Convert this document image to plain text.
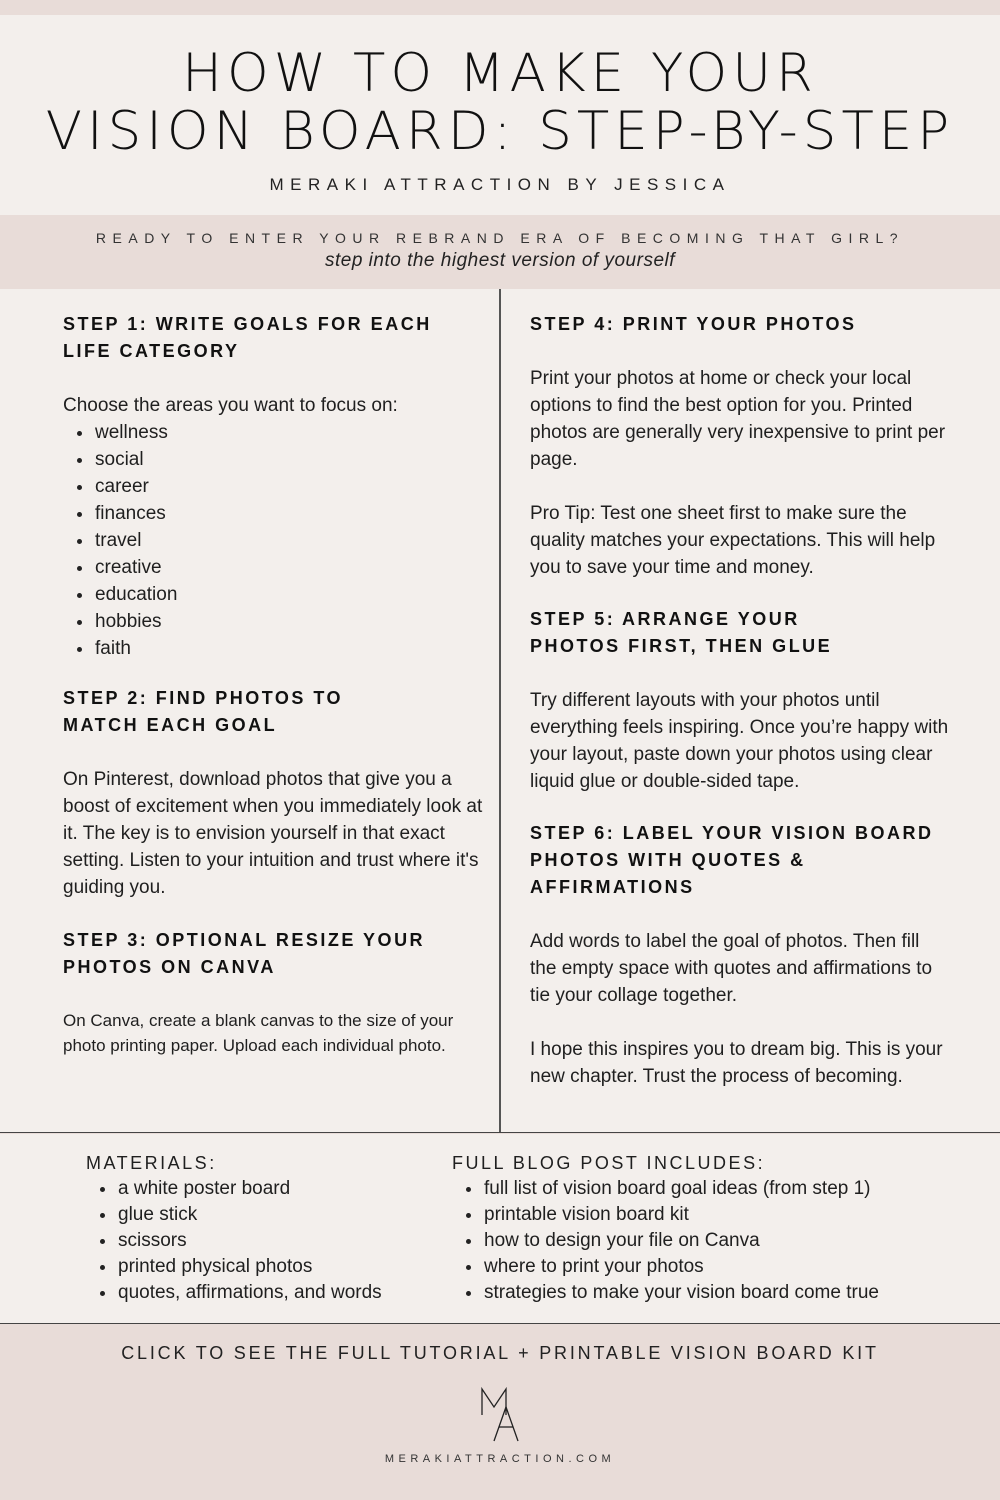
HOW TO MAKE YOUR
VISION BOARD: STEP-BY-STEP
MERAKI ATTRACTION BY JESSICA
READY TO ENTER YOUR REBRAND ERA OF BECOMING THAT GIRL?
step into the highest version of yourself
STEP 1: WRITE GOALS FOR EACH
LIFE CATEGORY
Choose the areas you want to focus on:
wellness
social
career
finances
travel
creative
education
hobbies
faith
STEP 2: FIND PHOTOS TO
MATCH EACH GOAL
On Pinterest, download photos that give you a boost of excitement when you immediately look at it. The key is to envision yourself in that exact setting. Listen to your intuition and trust where it's guiding you.
STEP 3: OPTIONAL RESIZE YOUR
PHOTOS ON CANVA
On Canva, create a blank canvas to the size of your photo printing paper. Upload each individual photo.
STEP 4: PRINT YOUR PHOTOS
Print your photos at home or check your local options to find the best option for you. Printed photos are generally very inexpensive to print per page.
Pro Tip: Test one sheet first to make sure the quality matches your expectations. This will help you to save your time and money.
STEP 5: ARRANGE YOUR
PHOTOS FIRST, THEN GLUE
Try different layouts with your photos until everything feels inspiring. Once you’re happy with your layout, paste down your photos using clear liquid glue or double-sided tape.
STEP 6: LABEL YOUR VISION BOARD
PHOTOS WITH QUOTES &
AFFIRMATIONS
Add words to label the goal of photos. Then fill the empty space with quotes and affirmations to tie your collage together.
I hope this inspires you to dream big. This is your new chapter. Trust the process of becoming.
MATERIALS:
a white poster board
glue stick
scissors
printed physical photos
quotes, affirmations, and words
FULL BLOG POST INCLUDES:
full list of vision board goal ideas (from step 1)
printable vision board kit
how to design your file on Canva
where to print your photos
strategies to make your vision board come true
CLICK TO SEE THE FULL TUTORIAL + PRINTABLE VISION BOARD KIT
MERAKIATTRACTION.COM
